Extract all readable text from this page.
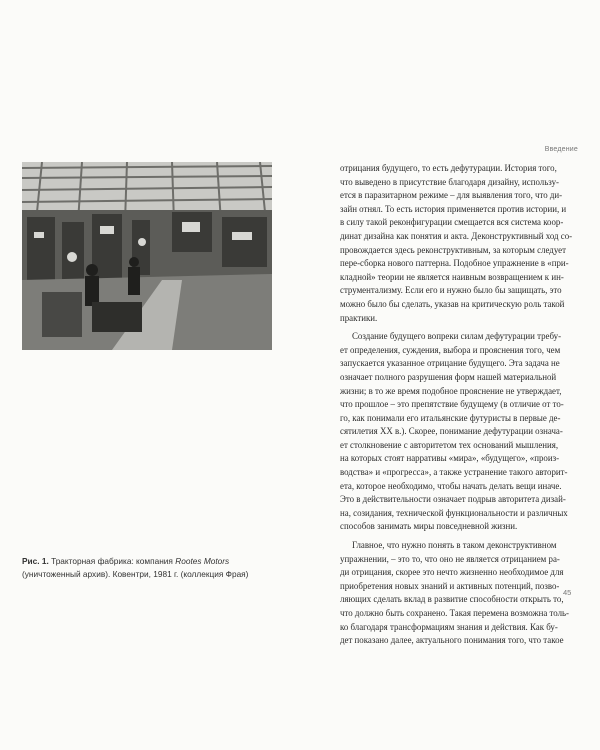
Введение
Рис. 1. Тракторная фабрика: компания Rootes Motors (уничтоженный архив). Ковентри, 1981 г. (коллекция Фрая)

отрицания будущего, то есть дефутурации. История того,
что выведено в присутствие благодаря дизайну, использу-
ется в паразитарном режиме – для выявления того, что ди-
зайн отнял. То есть история применяется против истории, и
в силу такой реконфигурации смещается вся система коор-
динат дизайна как понятия и акта. Деконструктивный ход со-
провождается здесь реконструктивным, за которым следует
пере-сборка нового паттерна. Подобное упражнение в «при-
кладной» теории не является наивным возвращением к ин-
струментализму. Если его и нужно было бы защищать, это
можно было бы сделать, указав на критическую роль такой
практики.

Создание будущего вопреки силам дефутурации требу-
ет определения, суждения, выбора и прояснения того, чем
запускается указанное отрицание будущего. Эта задача не
означает полного разрушения форм нашей материальной
жизни; в то же время подобное прояснение не утверждает,
что прошлое – это препятствие будущему (в отличие от то-
го, как понимали его итальянские футуристы в первые де-
сятилетия XX в.). Скорее, понимание дефутурации означа-
ет столкновение с авторитетом тех оснований мышления,
на которых стоят нарративы «мира», «будущего», «произ-
водства» и «прогресса», а также устранение такого авторит-
ета, которое необходимо, чтобы начать делать вещи иначе.
Это в действительности означает подрыв авторитета дизай-
на, созидания, технической функциональности и различных
способов занимать миры повседневной жизни.

Главное, что нужно понять в таком деконструктивном
упражнении, – это то, что оно не является отрицанием ра-
ди отрицания, скорее это нечто жизненно необходимое для
приобретения новых знаний и активных потенций, позво-
ляющих сделать вклад в развитие способности открыть то,
что должно быть сохранено. Такая перемена возможна толь-
ко благодаря трансформациям знания и действия. Как бу-
дет показано далее, актуального понимания того, что такое

45
